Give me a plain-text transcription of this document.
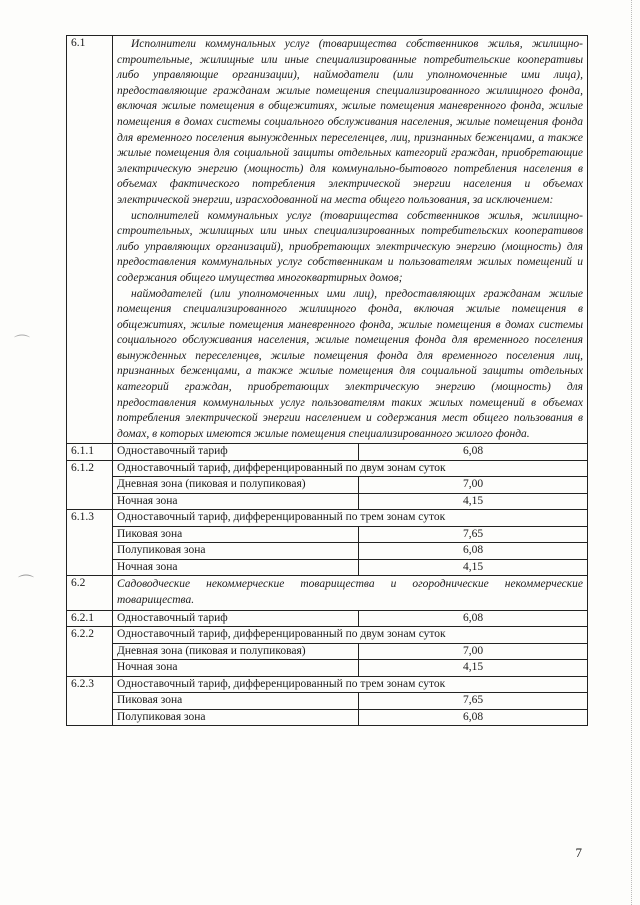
⌒
⌒
6.1	Исполнители коммунальных услуг (товарищества собственников жилья, жилищно-строительные, жилищные или иные специализированные потребительские кооперативы либо управляющие организации), наймодатели (или уполномоченные ими лица), предоставляющие гражданам жилые помещения специализированного жилищного фонда, включая жилые помещения в общежитиях, жилые помещения маневренного фонда, жилые помещения в домах системы социального обслуживания населения, жилые помещения фонда для временного поселения вынужденных переселенцев, лиц, признанных беженцами, а также жилые помещения для социальной защиты отдельных категорий граждан, приобретающие электрическую энергию (мощность) для коммунально-бытового потребления населения в объемах фактического потребления электрической энергии населения и объемах электрической энергии, израсходованной на места общего пользования, за исключением:

исполнителей коммунальных услуг (товарищества собственников жилья, жилищно-строительных, жилищных или иных специализированных потребительских кооперативов либо управляющих организаций), приобретающих электрическую энергию (мощность) для предоставления коммунальных услуг собственникам и пользователям жилых помещений и содержания общего имущества многоквартирных домов;

наймодателей (или уполномоченных ими лиц), предоставляющих гражданам жилые помещения специализированного жилищного фонда, включая жилые помещения в общежитиях, жилые помещения маневренного фонда, жилые помещения в домах системы социального обслуживания населения, жилые помещения фонда для временного поселения вынужденных переселенцев, жилые помещения фонда для временного поселения лиц, признанных беженцами, а также жилые помещения для социальной защиты отдельных категорий граждан, приобретающих электрическую энергию (мощность) для предоставления коммунальных услуг пользователям таких жилых помещений в объемах потребления электрической энергии населением и содержания мест общего пользования в домах, в которых имеются жилые помещения специализированного жилого фонда.

6.1.1	Одноставочный тариф	6,08

6.1.2	Одноставочный тариф, дифференцированный по двум зонам суток
Дневная зона (пиковая и полупиковая)	7,00
Ночная зона	4,15

6.1.3	Одноставочный тариф, дифференцированный по трем зонам суток
Пиковая зона	7,65
Полупиковая зона	6,08
Ночная зона	4,15

6.2	Садоводческие некоммерческие товарищества и огороднические некоммерческие товарищества.
6.2.1	Одноставочный тариф	6,08

6.2.2	Одноставочный тариф, дифференцированный по двум зонам суток
Дневная зона (пиковая и полупиковая)	7,00
Ночная зона	4,15

6.2.3	Одноставочный тариф, дифференцированный по трем зонам суток
Пиковая зона	7,65
Полупиковая зона	6,08
7
